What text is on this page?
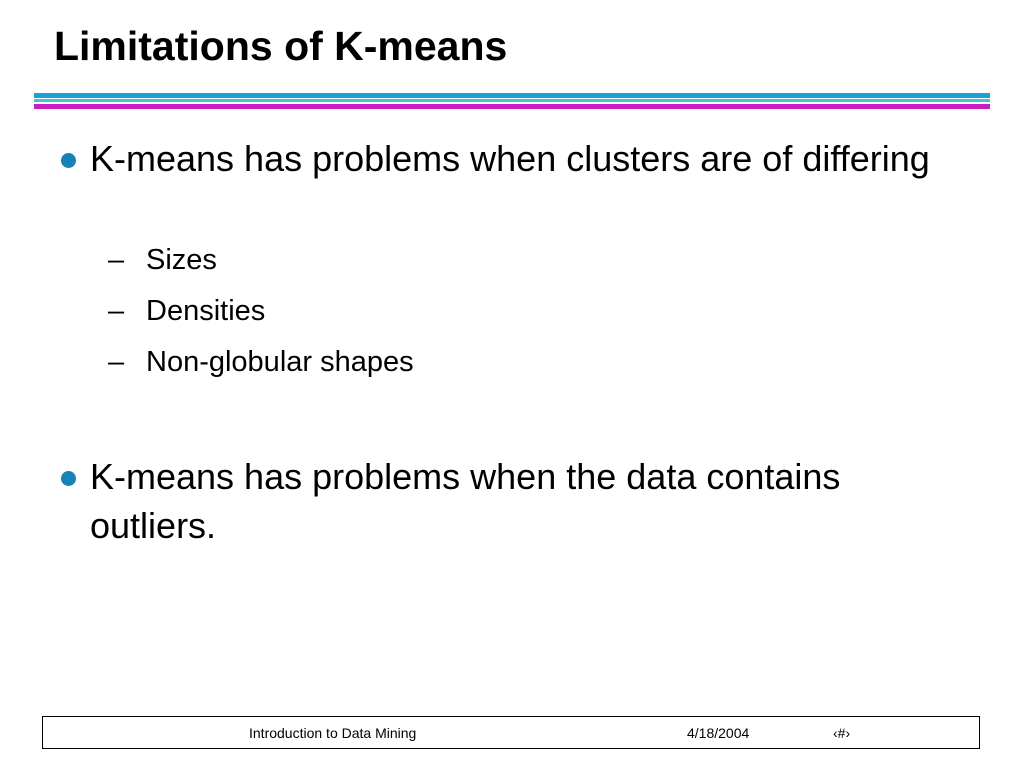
Limitations of K-means
K-means has problems when clusters are of differing
– Sizes
– Densities
– Non-globular shapes
K-means has problems when the data contains outliers.
Introduction to Data Mining	4/18/2004	‹#›
